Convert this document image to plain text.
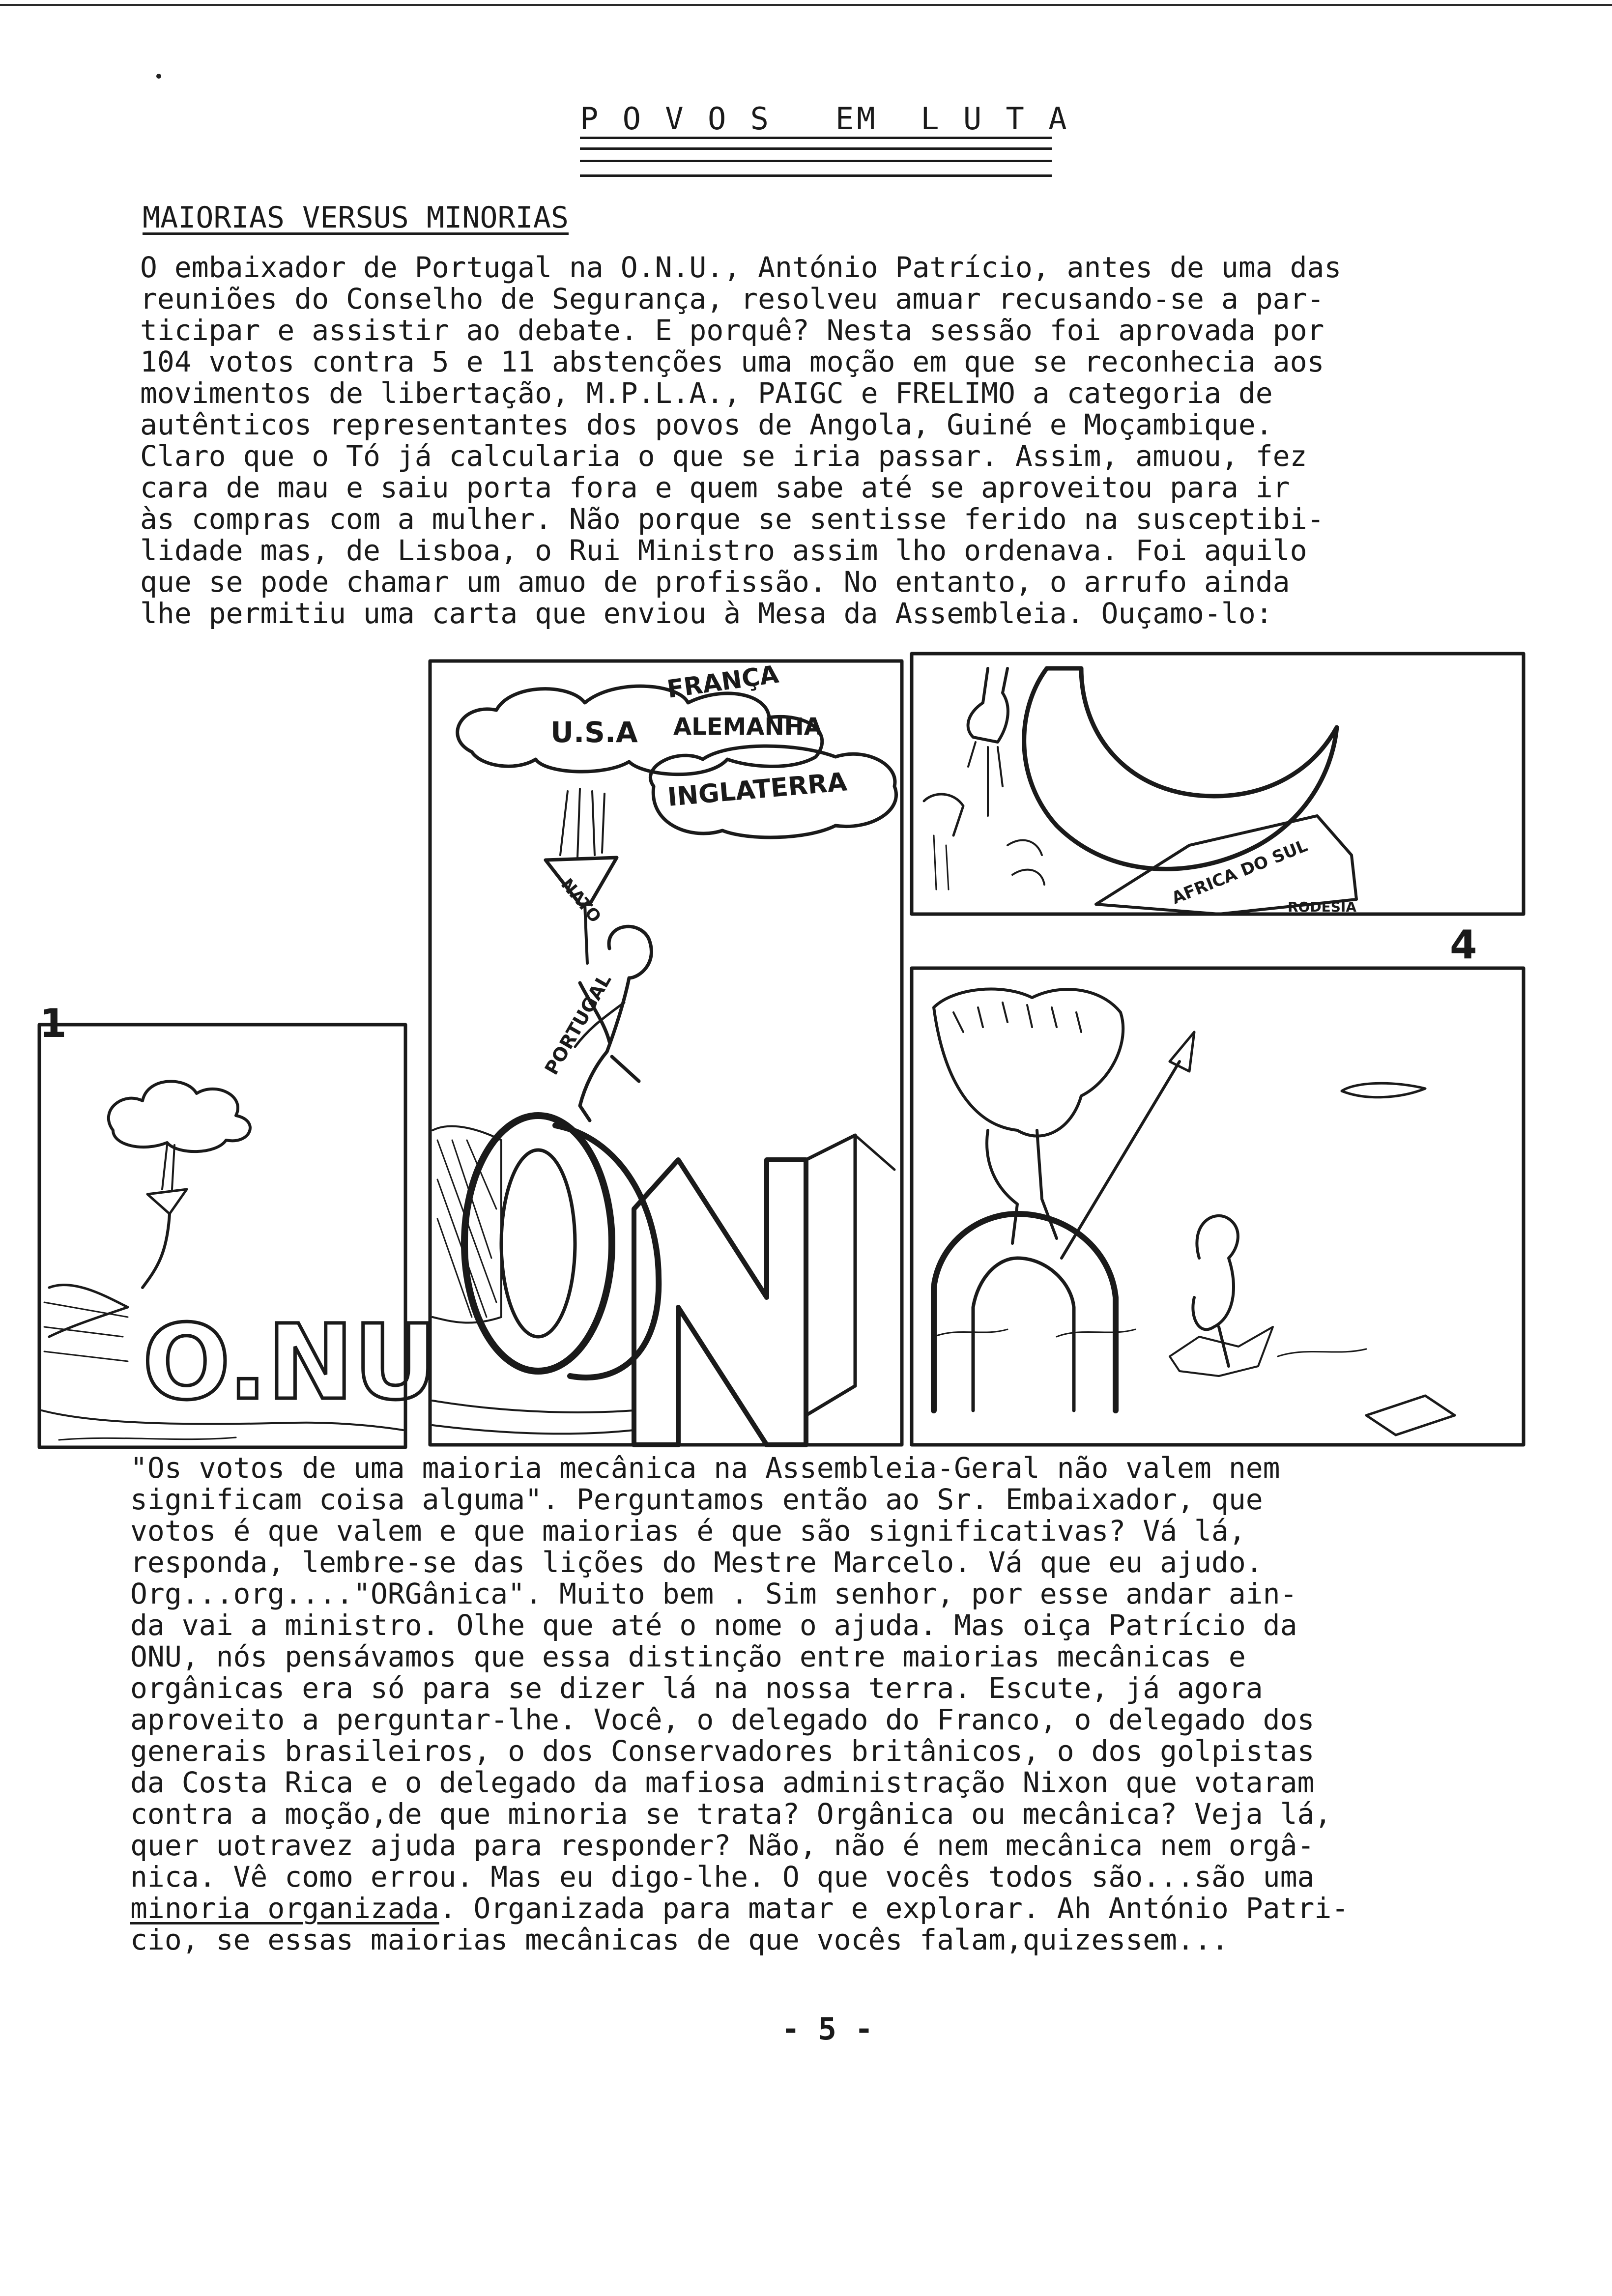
P O V O S   EM  L U T A
MAIORIAS VERSUS MINORIAS
O embaixador de Portugal na O.N.U., António Patrício, antes de uma das
reuniões do Conselho de Segurança, resolveu amuar recusando-se a par-
ticipar e assistir ao debate. E porquê? Nesta sessão foi aprovada por
104 votos contra 5 e 11 abstenções uma moção em que se reconhecia aos
movimentos de libertação, M.P.L.A., PAIGC e FRELIMO a categoria de
autênticos representantes dos povos de Angola, Guiné e Moçambique.
Claro que o Tó já calcularia o que se iria passar. Assim, amuou, fez
cara de mau e saiu porta fora e quem sabe até se aproveitou para ir
às compras com a mulher. Não porque se sentisse ferido na susceptibi-
lidade mas, de Lisboa, o Rui Ministro assim lho ordenava. Foi aquilo
que se pode chamar um amuo de profissão. No entanto, o arrufo ainda
lhe permitiu uma carta que enviou à Mesa da Assembleia. Ouçamo-lo:
1
4
U.S.A
FRANÇA
ALEMANHA
INGLATERRA
NATO
PORTUGAL
O.NU
AFRICA DO SUL
RODESIA
"Os votos de uma maioria mecânica na Assembleia-Geral não valem nem
significam coisa alguma". Perguntamos então ao Sr. Embaixador, que
votos é que valem e que maiorias é que são significativas? Vá lá,
responda, lembre-se das lições do Mestre Marcelo. Vá que eu ajudo.
Org...org...."ORGânica". Muito bem . Sim senhor, por esse andar ain-
da vai a ministro. Olhe que até o nome o ajuda. Mas oiça Patrício da
ONU, nós pensávamos que essa distinção entre maiorias mecânicas e
orgânicas era só para se dizer lá na nossa terra. Escute, já agora
aproveito a perguntar-lhe. Você, o delegado do Franco, o delegado dos
generais brasileiros, o dos Conservadores britânicos, o dos golpistas
da Costa Rica e o delegado da mafiosa administração Nixon que votaram
contra a moção,de que minoria se trata? Orgânica ou mecânica? Veja lá,
quer uotravez ajuda para responder? Não, não é nem mecânica nem orgâ-
nica. Vê como errou. Mas eu digo-lhe. O que vocês todos são...são uma
minoria organizada. Organizada para matar e explorar. Ah António Patri-
cio, se essas maiorias mecânicas de que vocês falam,quizessem...
- 5 -
